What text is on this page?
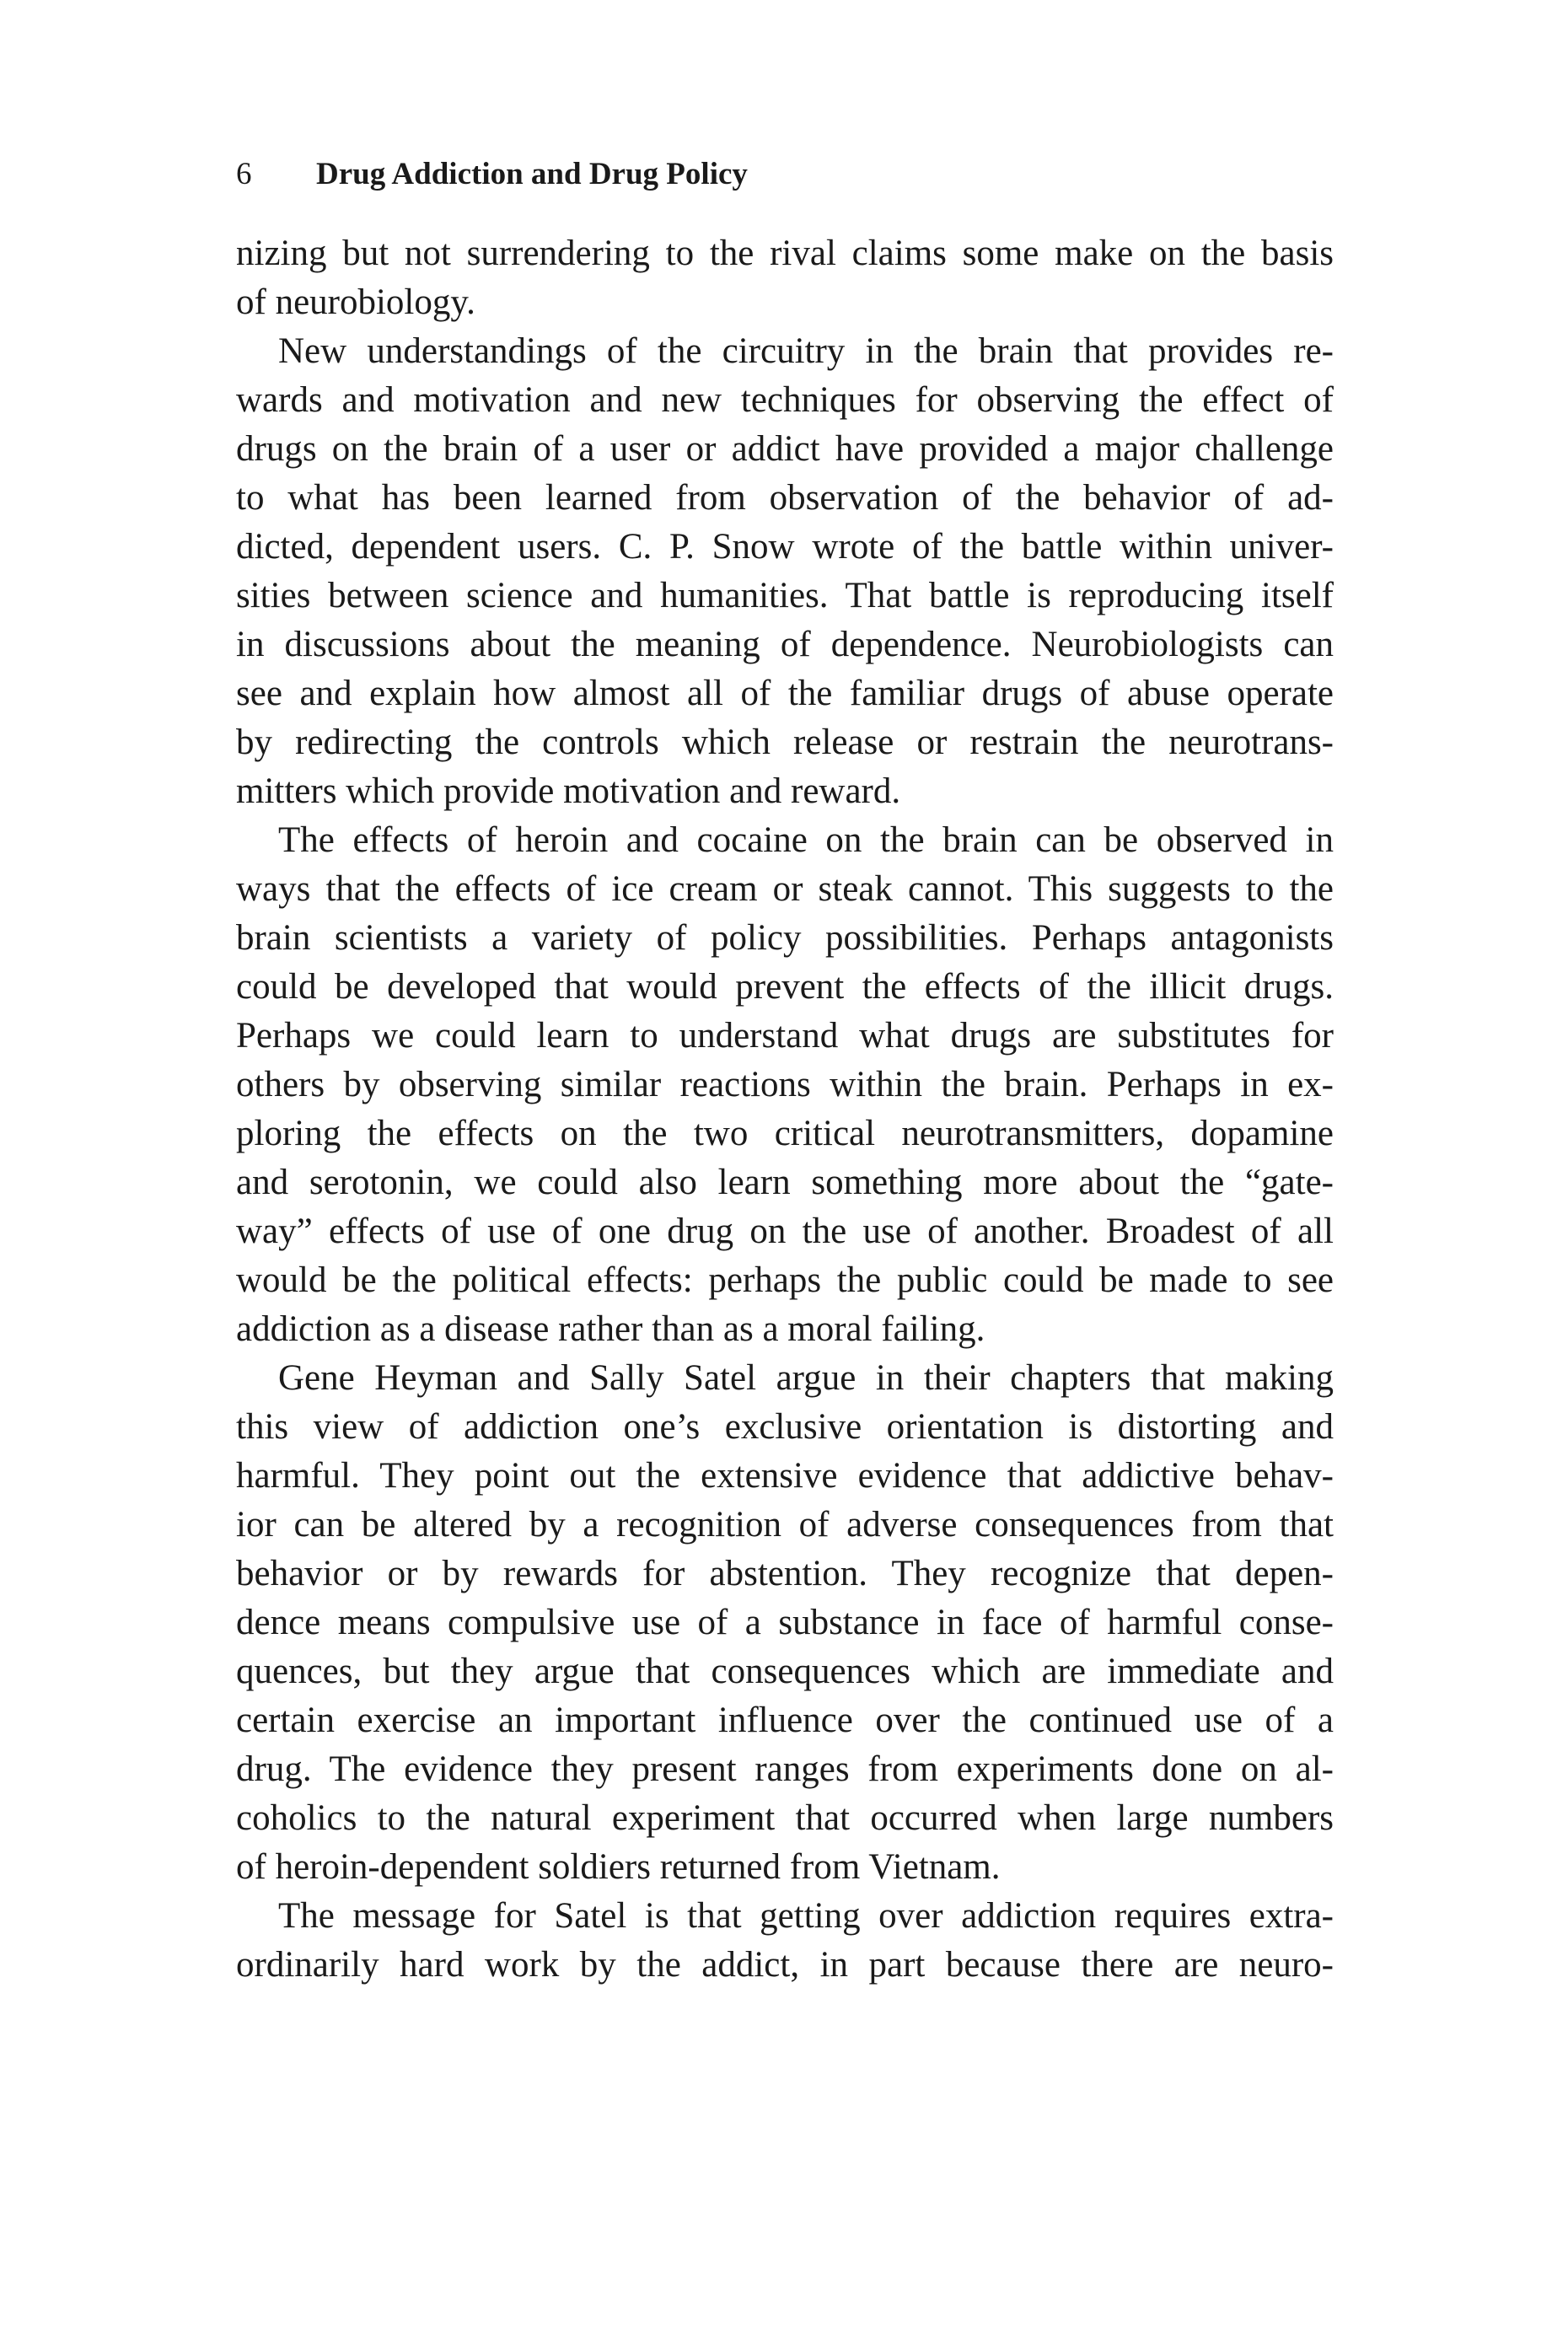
6 Drug Addiction and Drug Policy
nizing but not surrendering to the rival claims some make on the basis
of neurobiology.
New understandings of the circuitry in the brain that provides re-
wards and motivation and new techniques for observing the effect of
drugs on the brain of a user or addict have provided a major challenge
to what has been learned from observation of the behavior of ad-
dicted, dependent users. C. P. Snow wrote of the battle within univer-
sities between science and humanities. That battle is reproducing itself
in discussions about the meaning of dependence. Neurobiologists can
see and explain how almost all of the familiar drugs of abuse operate
by redirecting the controls which release or restrain the neurotrans-
mitters which provide motivation and reward.
The effects of heroin and cocaine on the brain can be observed in
ways that the effects of ice cream or steak cannot. This suggests to the
brain scientists a variety of policy possibilities. Perhaps antagonists
could be developed that would prevent the effects of the illicit drugs.
Perhaps we could learn to understand what drugs are substitutes for
others by observing similar reactions within the brain. Perhaps in ex-
ploring the effects on the two critical neurotransmitters, dopamine
and serotonin, we could also learn something more about the “gate-
way” effects of use of one drug on the use of another. Broadest of all
would be the political effects: perhaps the public could be made to see
addiction as a disease rather than as a moral failing.
Gene Heyman and Sally Satel argue in their chapters that making
this view of addiction one’s exclusive orientation is distorting and
harmful. They point out the extensive evidence that addictive behav-
ior can be altered by a recognition of adverse consequences from that
behavior or by rewards for abstention. They recognize that depen-
dence means compulsive use of a substance in face of harmful conse-
quences, but they argue that consequences which are immediate and
certain exercise an important influence over the continued use of a
drug. The evidence they present ranges from experiments done on al-
coholics to the natural experiment that occurred when large numbers
of heroin-dependent soldiers returned from Vietnam.
The message for Satel is that getting over addiction requires extra-
ordinarily hard work by the addict, in part because there are neuro-
